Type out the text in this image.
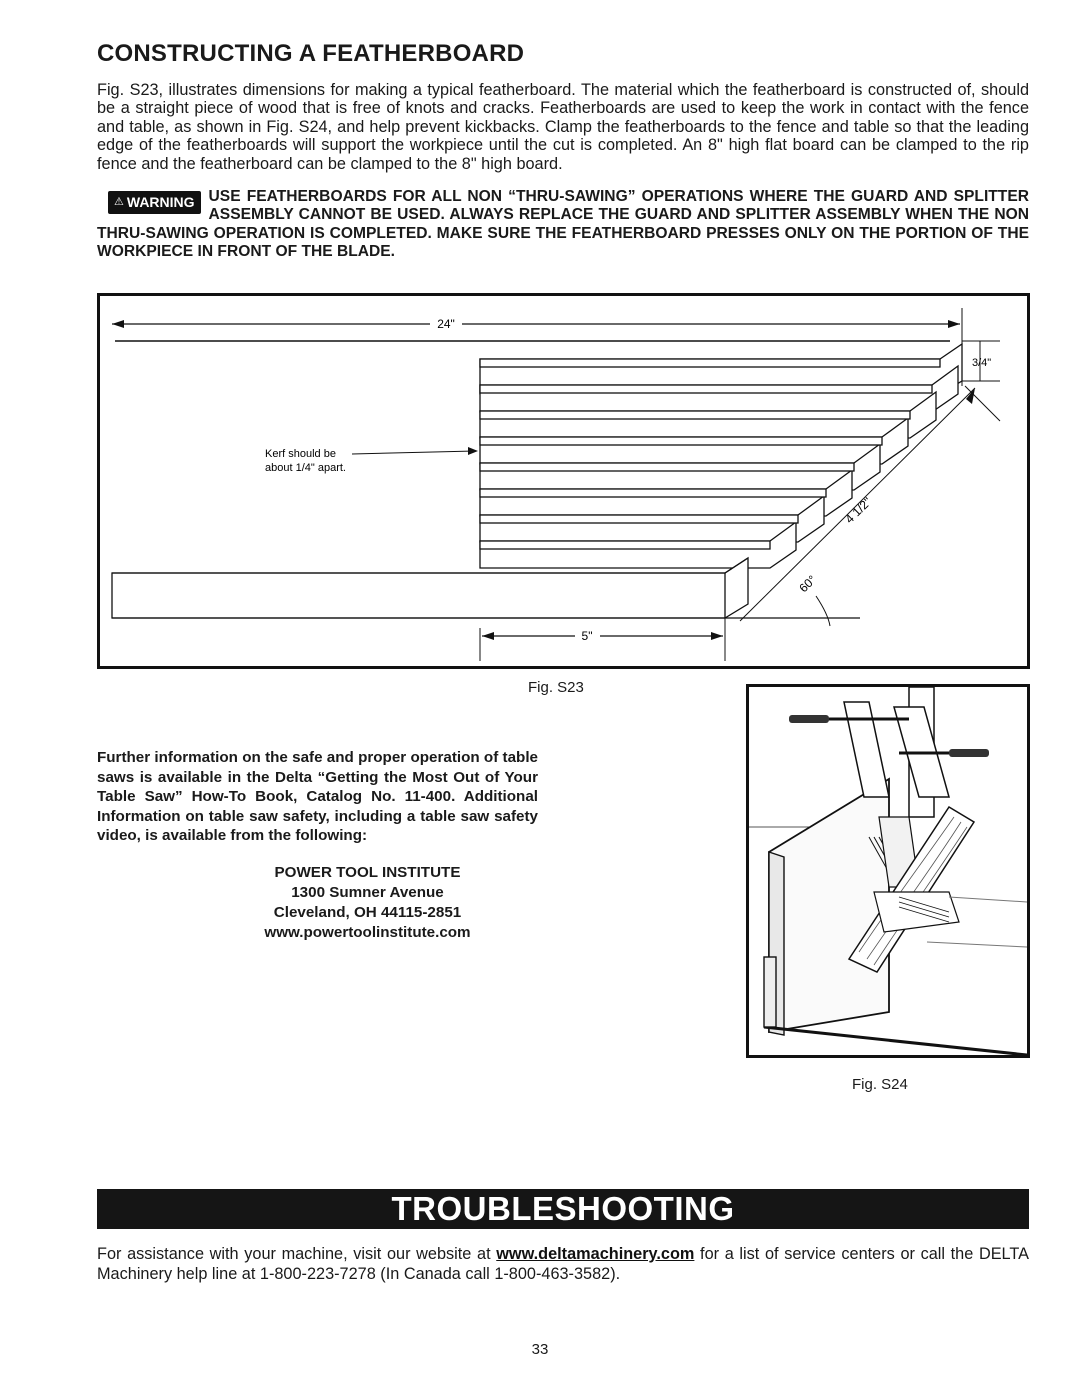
CONSTRUCTING A FEATHERBOARD
Fig. S23, illustrates dimensions for making a typical featherboard. The material which the featherboard is constructed of, should be a straight piece of wood that is free of knots and cracks. Featherboards are used to keep the work in contact with the fence and table, as shown in Fig. S24, and help prevent kickbacks. Clamp the featherboards to the fence and table so that the leading edge of the featherboards will support the workpiece until the cut is completed. An 8" high flat board can be clamped to the rip fence and the featherboard can be clamped to the 8" high board.
⚠ WARNING USE FEATHERBOARDS FOR ALL NON “THRU-SAWING” OPERATIONS WHERE THE GUARD AND SPLITTER ASSEMBLY CANNOT BE USED. ALWAYS REPLACE THE GUARD AND SPLITTER ASSEMBLY WHEN THE NON THRU-SAWING OPERATION IS COMPLETED. MAKE SURE THE FEATHERBOARD PRESSES ONLY ON THE PORTION OF THE WORKPIECE IN FRONT OF THE BLADE.
24"
3/4"
4 1/2"
60°
5"
Kerf should be
about 1/4" apart.
Fig. S23
Fig. S24
Further information on the safe and proper operation of table saws is available in the Delta “Getting the Most Out of Your Table Saw” How-To Book, Catalog No. 11-400. Additional Information on table saw safety, including a table saw safety video, is available from the following:
POWER TOOL INSTITUTE
1300 Sumner Avenue
Cleveland, OH 44115-2851
www.powertoolinstitute.com
TROUBLESHOOTING
For assistance with your machine, visit our website at www.deltamachinery.com for a list of service centers or call the DELTA Machinery help line at 1-800-223-7278 (In Canada call 1-800-463-3582).
33
